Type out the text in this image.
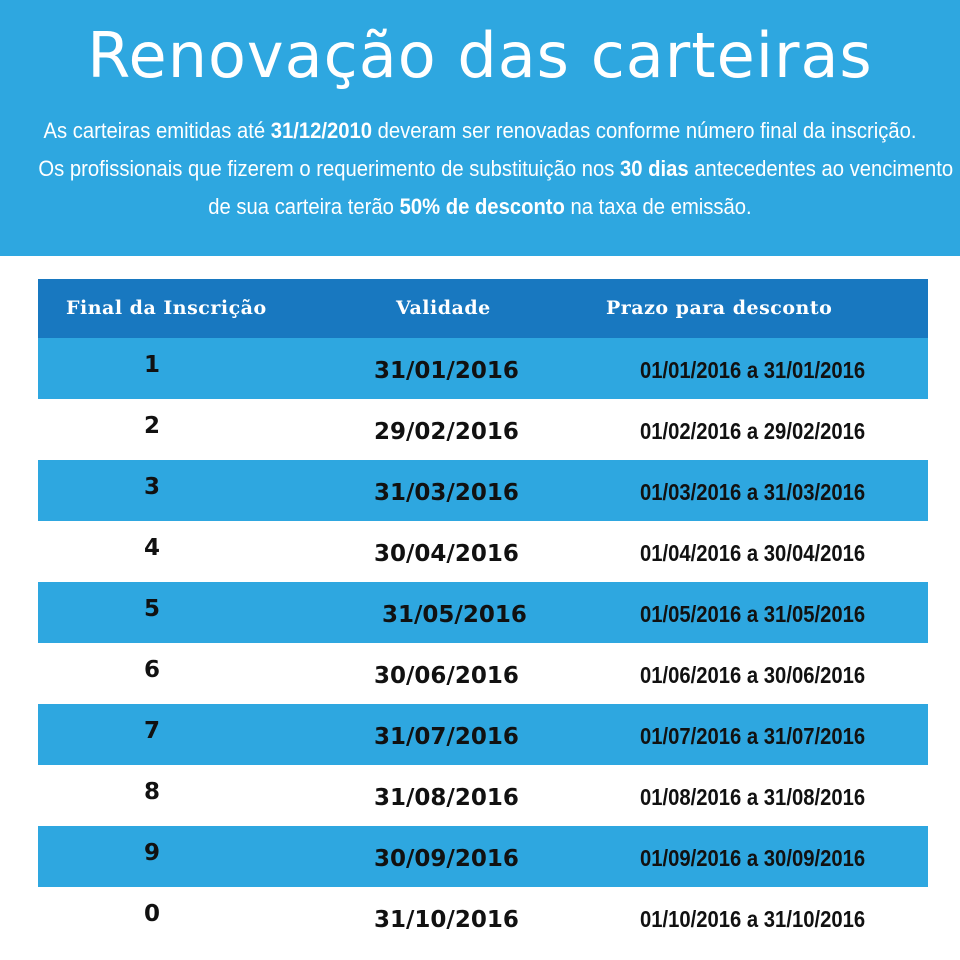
Renovação das carteiras
As carteiras emitidas até 31/12/2010 deveram ser renovadas conforme número final da inscrição.
Os profissionais que fizerem o requerimento de substituição nos 30 dias antecedentes ao vencimento
de sua carteira terão 50% de desconto na taxa de emissão.
Final da Inscrição	Validade	Prazo para desconto
1	31/01/2016	01/01/2016 a 31/01/2016
2	29/02/2016	01/02/2016 a 29/02/2016
3	31/03/2016	01/03/2016 a 31/03/2016
4	30/04/2016	01/04/2016 a 30/04/2016
5	31/05/2016	01/05/2016 a 31/05/2016
6	30/06/2016	01/06/2016 a 30/06/2016
7	31/07/2016	01/07/2016 a 31/07/2016
8	31/08/2016	01/08/2016 a 31/08/2016
9	30/09/2016	01/09/2016 a 30/09/2016
0	31/10/2016	01/10/2016 a 31/10/2016
